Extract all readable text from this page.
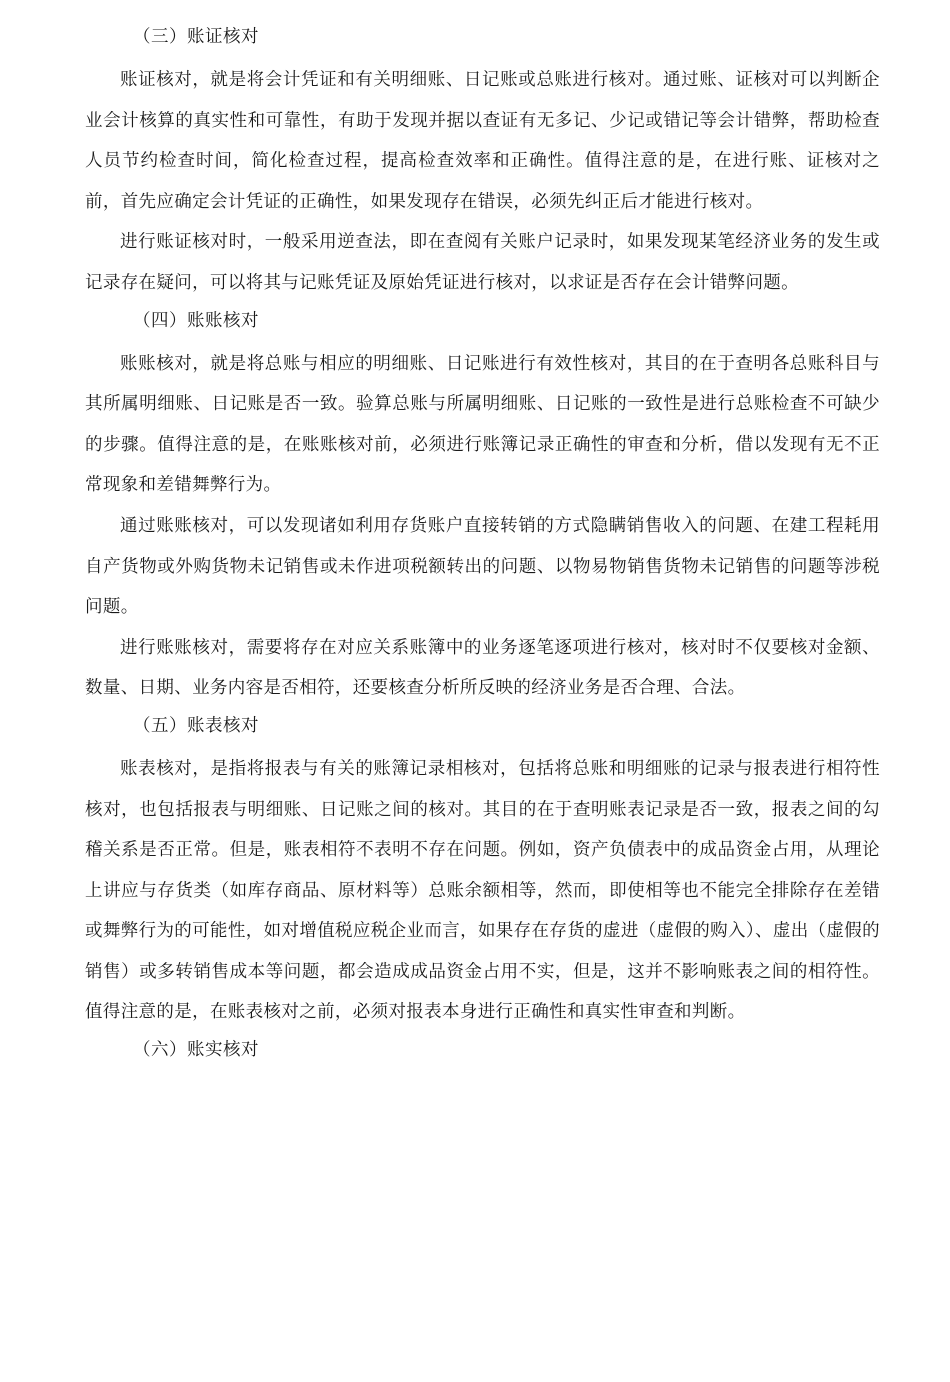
（三）账证核对

账证核对，就是将会计凭证和有关明细账、日记账或总账进行核对。通过账、证核对可以判断企业会计核算的真实性和可靠性，有助于发现并据以查证有无多记、少记或错记等会计错弊，帮助检查人员节约检查时间，简化检查过程，提高检查效率和正确性。值得注意的是，在进行账、证核对之前，首先应确定会计凭证的正确性，如果发现存在错误，必须先纠正后才能进行核对。

进行账证核对时，一般采用逆查法，即在查阅有关账户记录时，如果发现某笔经济业务的发生或记录存在疑问，可以将其与记账凭证及原始凭证进行核对，以求证是否存在会计错弊问题。

（四）账账核对

账账核对，就是将总账与相应的明细账、日记账进行有效性核对，其目的在于查明各总账科目与其所属明细账、日记账是否一致。验算总账与所属明细账、日记账的一致性是进行总账检查不可缺少的步骤。值得注意的是，在账账核对前，必须进行账簿记录正确性的审查和分析，借以发现有无不正常现象和差错舞弊行为。

通过账账核对，可以发现诸如利用存货账户直接转销的方式隐瞒销售收入的问题、在建工程耗用自产货物或外购货物未记销售或未作进项税额转出的问题、以物易物销售货物未记销售的问题等涉税问题。

进行账账核对，需要将存在对应关系账簿中的业务逐笔逐项进行核对，核对时不仅要核对金额、数量、日期、业务内容是否相符，还要核查分析所反映的经济业务是否合理、合法。

（五）账表核对

账表核对，是指将报表与有关的账簿记录相核对，包括将总账和明细账的记录与报表进行相符性核对，也包括报表与明细账、日记账之间的核对。其目的在于查明账表记录是否一致，报表之间的勾稽关系是否正常。但是，账表相符不表明不存在问题。例如，资产负债表中的成品资金占用，从理论上讲应与存货类（如库存商品、原材料等）总账余额相等，然而，即使相等也不能完全排除存在差错或舞弊行为的可能性，如对增值税应税企业而言，如果存在存货的虚进（虚假的购入）、虚出（虚假的销售）或多转销售成本等问题，都会造成成品资金占用不实，但是，这并不影响账表之间的相符性。值得注意的是，在账表核对之前，必须对报表本身进行正确性和真实性审查和判断。

（六）账实核对
